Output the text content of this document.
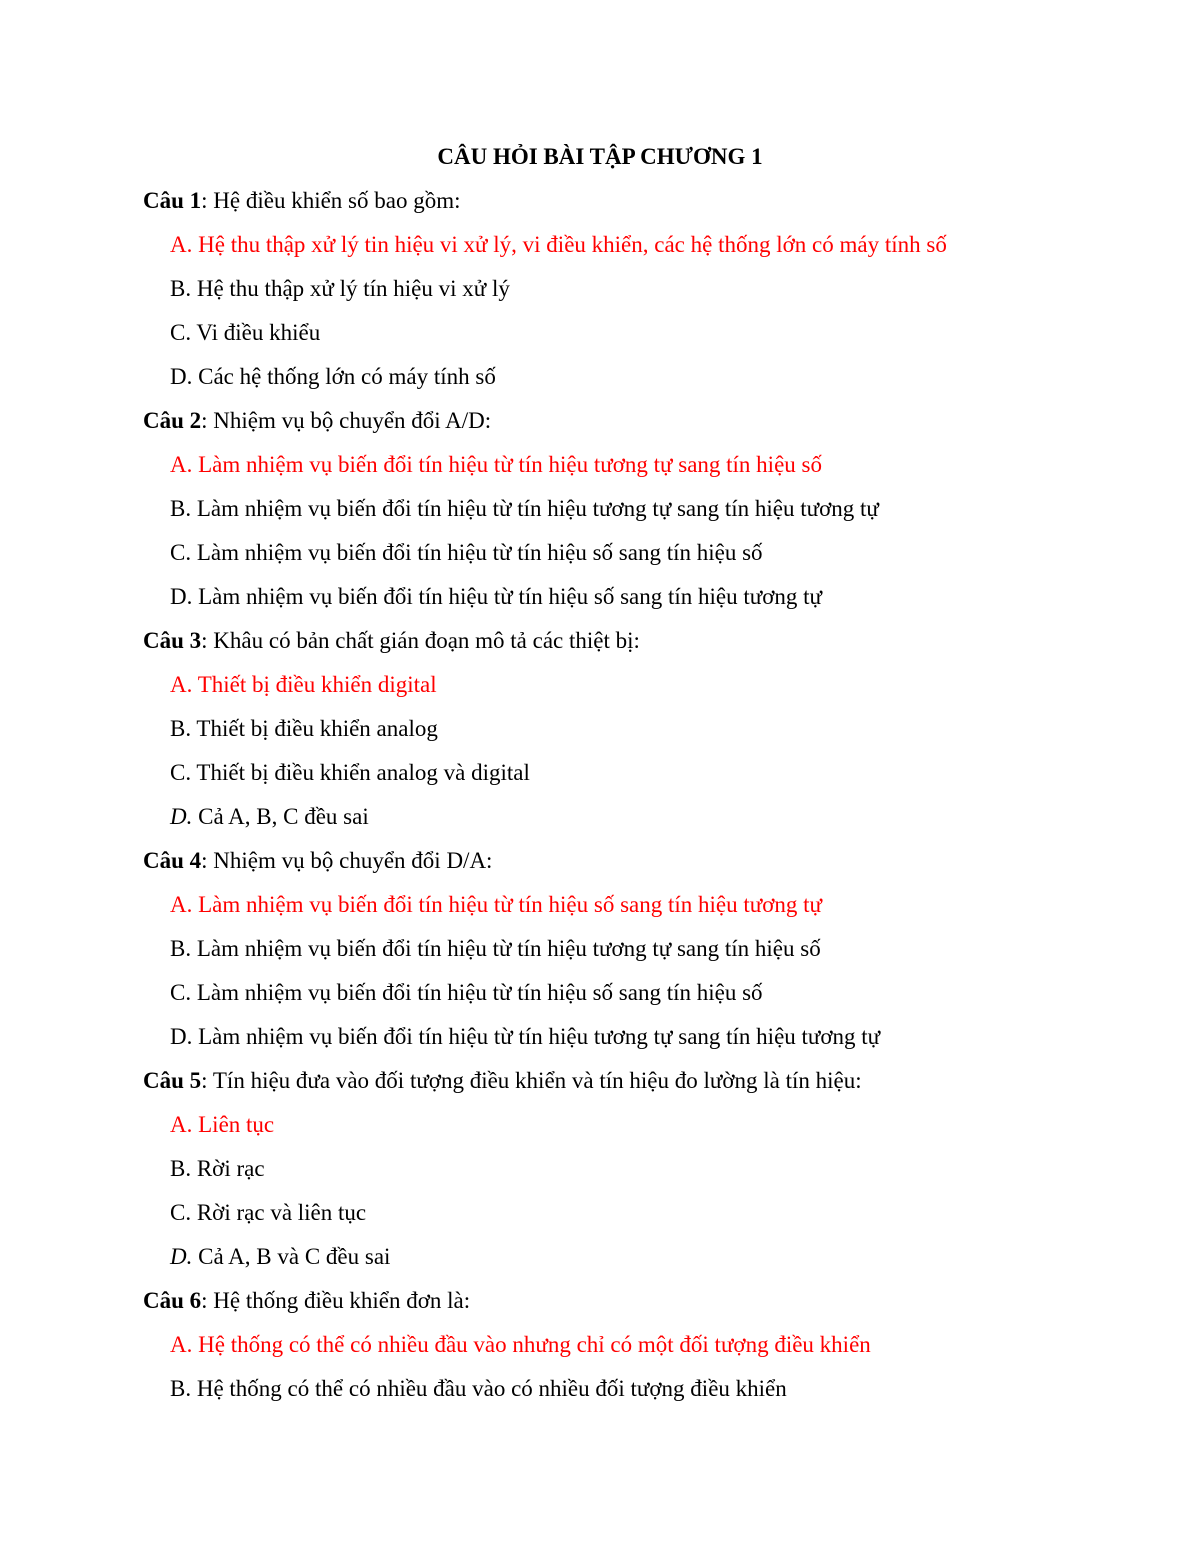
CÂU HỎI BÀI TẬP CHƯƠNG 1
Câu 1: Hệ điều khiển số bao gồm:
A. Hệ thu thập xử lý tin hiệu vi xử lý, vi điều khiển, các hệ thống lớn có máy tính số
B. Hệ thu thập xử lý tín hiệu vi xử lý
C. Vi điều khiểu
D. Các hệ thống lớn có máy tính số
Câu 2: Nhiệm vụ bộ chuyển đổi A/D:
A. Làm nhiệm vụ biến đổi tín hiệu từ tín hiệu tương tự sang tín hiệu số
B. Làm nhiệm vụ biến đổi tín hiệu từ tín hiệu tương tự sang tín hiệu tương tự
C. Làm nhiệm vụ biến đổi tín hiệu từ tín hiệu số sang tín hiệu số
D. Làm nhiệm vụ biến đổi tín hiệu từ tín hiệu số sang tín hiệu tương tự
Câu 3: Khâu có bản chất gián đoạn mô tả các thiệt bị:
A. Thiết bị điều khiển digital
B. Thiết bị điều khiển analog
C. Thiết bị điều khiển analog và digital
D. Cả A, B, C đều sai
Câu 4: Nhiệm vụ bộ chuyển đổi D/A:
A. Làm nhiệm vụ biến đổi tín hiệu từ tín hiệu số sang tín hiệu tương tự
B. Làm nhiệm vụ biến đổi tín hiệu từ tín hiệu tương tự sang tín hiệu số
C. Làm nhiệm vụ biến đổi tín hiệu từ tín hiệu số sang tín hiệu số
D. Làm nhiệm vụ biến đổi tín hiệu từ tín hiệu tương tự sang tín hiệu tương tự
Câu 5: Tín hiệu đưa vào đối tượng điều khiển và tín hiệu đo lường là tín hiệu:
A. Liên tục
B. Rời rạc
C. Rời rạc và liên tục
D. Cả A, B và C đều sai
Câu 6: Hệ thống điều khiển đơn là:
A. Hệ thống có thể có nhiều đầu vào nhưng chỉ có một đối tượng điều khiển
B. Hệ thống có thể có nhiều đầu vào có nhiều đối tượng điều khiển
